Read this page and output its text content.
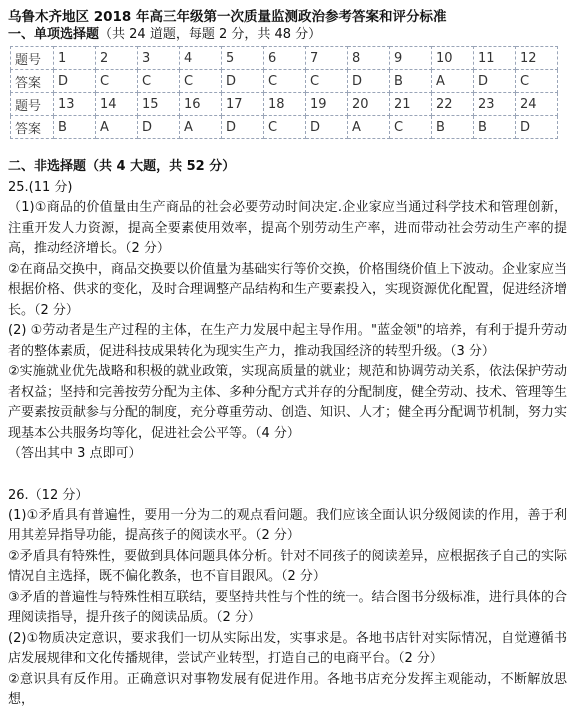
乌鲁木齐地区 2018 年高三年级第一次质量监测政治参考答案和评分标准
一、单项选择题（共 24 道题，每题 2 分，共 48 分）
题号	1	2	3	4	5	6	7	8	9	10	11	12
答案	D	C	C	C	D	C	C	D	B	A	D	C
题号	13	14	15	16	17	18	19	20	21	22	23	24
答案	B	A	D	A	D	C	D	A	C	B	B	D
二、非选择题（共 4 大题，共 52 分）
25.(11 分)

（1)①商品的价值量由生产商品的社会必要劳动时间决定.企业家应当通过科学技术和管理创新，注重开发人力资源，提高全要素使用效率，提高个别劳动生产率，进而带动社会劳动生产率的提高，推动经济增长。（2 分）

②在商品交换中，商品交换要以价值量为基础实行等价交换，价格围绕价值上下波动。企业家应当根据价格、供求的变化，及时合理调整产品结构和生产要素投入，实现资源优化配置，促进经济增长。（2 分）

(2) ①劳动者是生产过程的主体，在生产力发展中起主导作用。"蓝金领"的培养，有利于提升劳动者的整体素质，促进科技成果转化为现实生产力，推动我国经济的转型升级。（3 分）

②实施就业优先战略和积极的就业政策，实现高质量的就业；规范和协调劳动关系，依法保护劳动者权益；坚持和完善按劳分配为主体、多种分配方式并存的分配制度，健全劳动、技术、管理等生产要素按贡献参与分配的制度，充分尊重劳动、创造、知识、人才；健全再分配调节机制，努力实现基本公共服务均等化，促进社会公平等。（4 分）

（答出其中 3 点即可）

26.（12 分）

(1)①矛盾具有普遍性，要用一分为二的观点看问题。我们应该全面认识分级阅读的作用，善于利用其差异指导功能，提高孩子的阅读水平。（2 分）

②矛盾具有特殊性，要做到具体问题具体分析。针对不同孩子的阅读差异，应根据孩子自己的实际情况自主选择，既不偏化教条，也不盲目跟风。（2 分）

③矛盾的普遍性与特殊性相互联结，要坚持共性与个性的统一。结合图书分级标准，进行具体的合理阅读指导，提升孩子的阅读品质。（2 分）

(2)①物质决定意识，要求我们一切从实际出发，实事求是。各地书店针对实际情况，自觉遵循书店发展规律和文化传播规律，尝试产业转型，打造自己的电商平台。（2 分）

②意识具有反作用。正确意识对事物发展有促进作用。各地书店充分发挥主观能动，不断解放思想，
